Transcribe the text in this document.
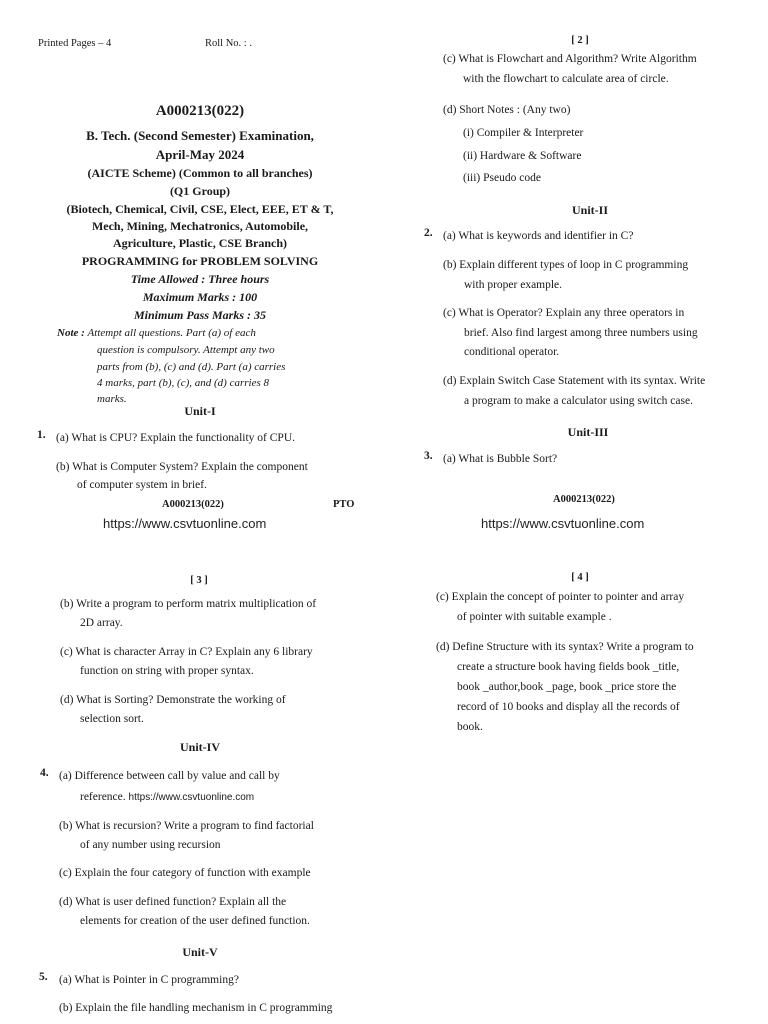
Printed Pages – 4	Roll No. : .
A000213(022)
B. Tech. (Second Semester) Examination,
April-May 2024
(AICTE Scheme) (Common to all branches)
(Q1 Group)
(Biotech, Chemical, Civil, CSE, Elect, EEE, ET & T,
Mech, Mining, Mechatronics, Automobile,
Agriculture, Plastic, CSE Branch)
PROGRAMMING for PROBLEM SOLVING
Time Allowed : Three hours
Maximum Marks : 100
Minimum Pass Marks : 35
Note : Attempt all questions. Part (a) of each
question is compulsory. Attempt any two
parts from (b), (c) and (d). Part (a) carries
4 marks, part (b), (c), and (d) carries 8
marks.
Unit-I
1. (a) What is CPU? Explain the functionality of CPU.
(b) What is Computer System? Explain the component
of computer system in brief.
A000213(022)	PTO
https://www.csvtuonline.com
[ 2 ]
(c) What is Flowchart and Algorithm? Write Algorithm
with the flowchart to calculate area of circle.
(d) Short Notes : (Any two)
(i) Compiler & Interpreter
(ii) Hardware & Software
(iii) Pseudo code
Unit-II
2. (a) What is keywords and identifier in C?
(b) Explain different types of loop in C programming
with proper example.
(c) What is Operator? Explain any three operators in
brief. Also find largest among three numbers using
conditional operator.
(d) Explain Switch Case Statement with its syntax. Write
a program to make a calculator using switch case.
Unit-III
3. (a) What is Bubble Sort?
A000213(022)
https://www.csvtuonline.com
[ 3 ]
(b) Write a program to perform matrix multiplication of
2D array.
(c) What is character Array in C? Explain any 6 library
function on string with proper syntax.
(d) What is Sorting? Demonstrate the working of
selection sort.
Unit-IV
4. (a) Difference between call by value and call by
reference. https://www.csvtuonline.com
(b) What is recursion? Write a program to find factorial
of any number using recursion
(c) Explain the four category of function with example
(d) What is user defined function? Explain all the
elements for creation of the user defined function.
Unit-V
5. (a) What is Pointer in C programming?
(b) Explain the file handling mechanism in C programming
[ 4 ]
(c) Explain the concept of pointer to pointer and array
of pointer with suitable example .
(d) Define Structure with its syntax? Write a program to
create a structure book having fields book _title,
book _author,book _page, book _price store the
record of 10 books and display all the records of
book.
